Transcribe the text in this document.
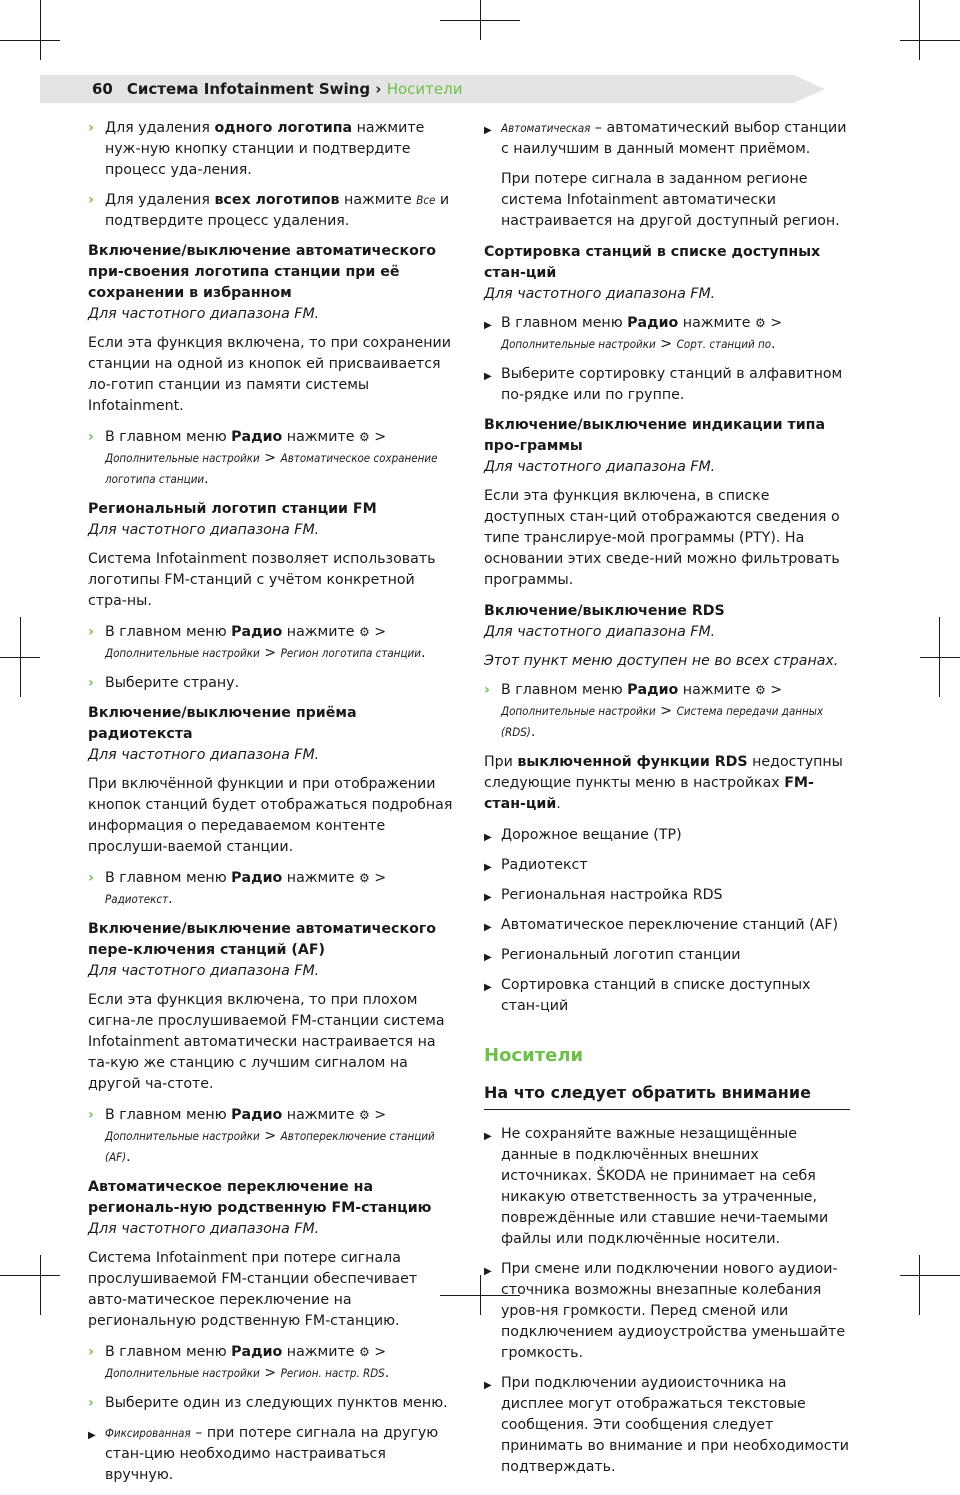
60 Система Infotainment Swing › Носители
› Для удаления одного логотипа нажмите нуж-ную кнопку станции и подтвердите процесс уда-ления.
› Для удаления всех логотипов нажмите Все и подтвердите процесс удаления.
Включение/выключение автоматического при-своения логотипа станции при её сохранении в избранном
Для частотного диапазона FM.

Если эта функция включена, то при сохранении станции на одной из кнопок ей присваивается ло-готип станции из памяти системы Infotainment.

› В главном меню Радио нажмите ⚙ > Дополнительные настройки > Автоматическое сохранение логотипа станции.
Региональный логотип станции FM
Для частотного диапазона FM.

Система Infotainment позволяет использовать логотипы FM-станций с учётом конкретной стра-ны.

› В главном меню Радио нажмите ⚙ > Дополнительные настройки > Регион логотипа станции.
› Выберите страну.
Включение/выключение приёма радиотекста
Для частотного диапазона FM.

При включённой функции и при отображении кнопок станций будет отображаться подробная информация о передаваемом контенте прослуши-ваемой станции.

› В главном меню Радио нажмите ⚙ > Радиотекст.
Включение/выключение автоматического пере-ключения станций (AF)
Для частотного диапазона FM.

Если эта функция включена, то при плохом сигна-ле прослушиваемой FM-станции система Infotainment автоматически настраивается на та-кую же станцию с лучшим сигналом на другой ча-стоте.

› В главном меню Радио нажмите ⚙ > Дополнительные настройки > Автопереключение станций (AF).
Автоматическое переключение на региональ-ную родственную FM-станцию
Для частотного диапазона FM.

Система Infotainment при потере сигнала прослушиваемой FM-станции обеспечивает авто-матическое переключение на региональную родственную FM-станцию.

› В главном меню Радио нажмите ⚙ > Дополнительные настройки > Регион. настр. RDS.
› Выберите один из следующих пунктов меню.
▶ Фиксированная – при потере сигнала на другую стан-цию необходимо настраиваться вручную.
▶ Автоматическая – автоматический выбор станции с наилучшим в данный момент приёмом.

При потере сигнала в заданном регионе система Infotainment автоматически настраивается на другой доступный регион.

Сортировка станций в списке доступных стан-ций
Для частотного диапазона FM.
▶ В главном меню Радио нажмите ⚙ > Дополнительные настройки > Сорт. станций по.
▶ Выберите сортировку станций в алфавитном по-рядке или по группе.
Включение/выключение индикации типа про-граммы
Для частотного диапазона FM.

Если эта функция включена, в списке доступных стан-ций отображаются сведения о типе транслируе-мой программы (PTY). На основании этих сведе-ний можно фильтровать программы.

Включение/выключение RDS
Для частотного диапазона FM.
Этот пункт меню доступен не во всех странах.
› В главном меню Радио нажмите ⚙ > Дополнительные настройки > Система передачи данных (RDS).

При выключенной функции RDS недоступны следующие пункты меню в настройках FM-стан-ций.

▶ Дорожное вещание (TP)
▶ Радиотекст
▶ Региональная настройка RDS
▶ Автоматическое переключение станций (AF)
▶ Региональный логотип станции
▶ Сортировка станций в списке доступных стан-ций
Носители
На что следует обратить внимание
▶ Не сохраняйте важные незащищённые данные в подключённых внешних источниках. ŠKODA не принимает на себя никакую ответственность за утраченные, повреждённые или ставшие нечи-таемыми файлы или подключённые носители.
▶ При смене или подключении нового аудиои-сточника возможны внезапные колебания уров-ня громкости. Перед сменой или подключением аудиоустройства уменьшайте громкость.
▶ При подключении аудиоисточника на дисплее могут отображаться текстовые сообщения. Эти сообщения следует принимать во внимание и при необходимости подтверждать.
